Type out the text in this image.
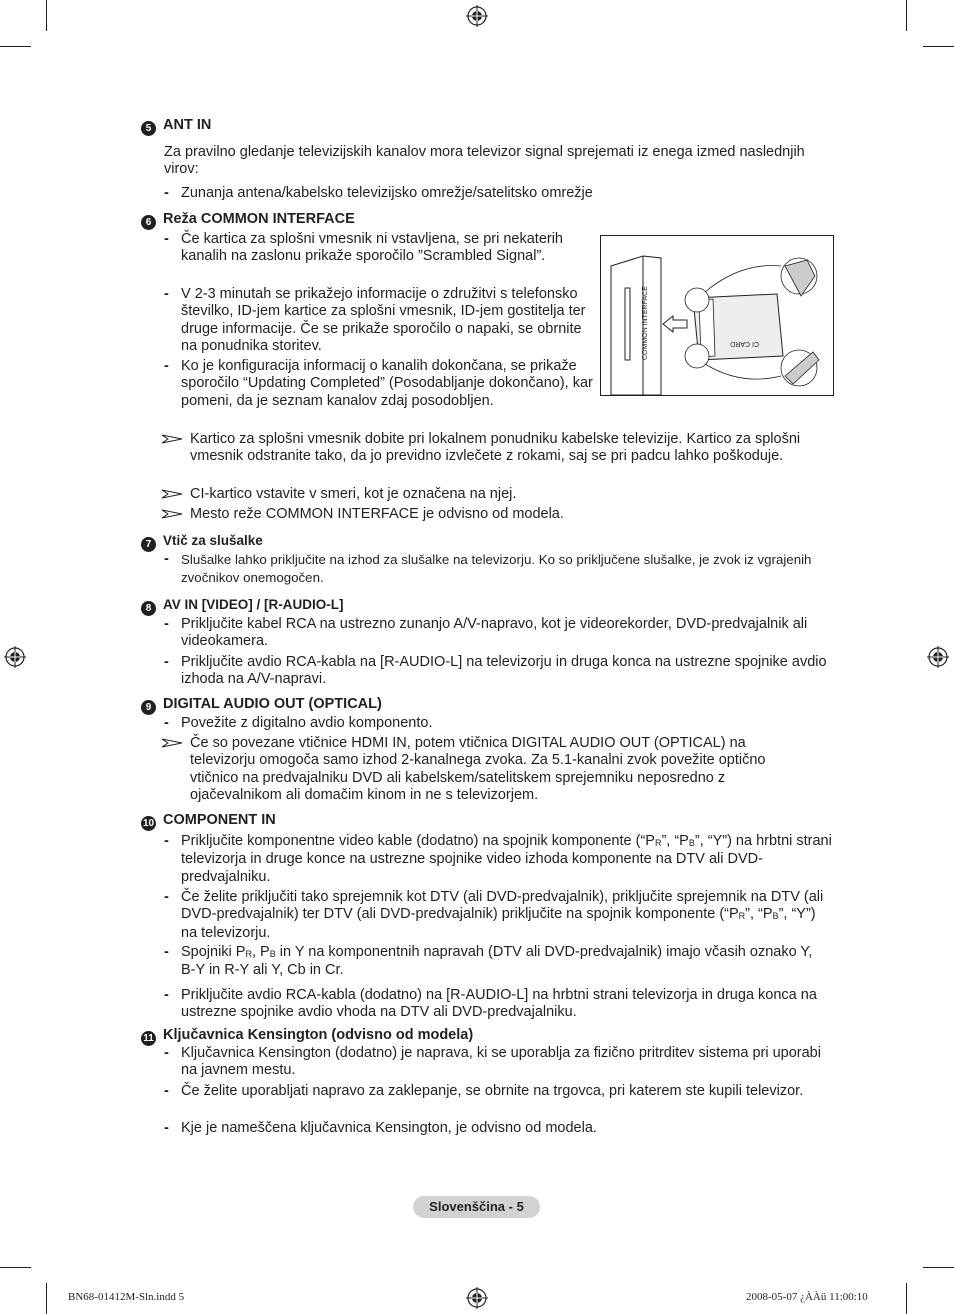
5 ANT IN
Za pravilno gledanje televizijskih kanalov mora televizor signal sprejemati iz enega izmed naslednjih virov:
- Zunanja antena/kabelsko televizijsko omrežje/satelitsko omrežje
6 Reža COMMON INTERFACE
- Če kartica za splošni vmesnik ni vstavljena, se pri nekaterih kanalih na zaslonu prikaže sporočilo ”Scrambled Signal”.
- V 2-3 minutah se prikažejo informacije o združitvi s telefonsko številko, ID-jem kartice za splošni vmesnik, ID-jem gostitelja ter druge informacije. Če se prikaže sporočilo o napaki, se obrnite na ponudnika storitev.
- Ko je konfiguracija informacij o kanalih dokončana, se prikaže sporočilo “Updating Completed” (Posodabljanje dokončano), kar pomeni, da je seznam kanalov zdaj posodobljen.
COMMON INTERFACE	CI CARD
Kartico za splošni vmesnik dobite pri lokalnem ponudniku kabelske televizije. Kartico za splošni vmesnik odstranite tako, da jo previdno izvlečete z rokami, saj se pri padcu lahko poškoduje.
CI-kartico vstavite v smeri, kot je označena na njej.
Mesto reže COMMON INTERFACE je odvisno od modela.
7 Vtič za slušalke
- Slušalke lahko priključite na izhod za slušalke na televizorju. Ko so priključene slušalke, je zvok iz vgrajenih zvočnikov onemogočen.
8 AV IN [VIDEO] / [R-AUDIO-L]
- Priključite kabel RCA na ustrezno zunanjo A/V-napravo, kot je videorekorder, DVD-predvajalnik ali videokamera.
- Priključite avdio RCA-kabla na [R-AUDIO-L] na televizorju in druga konca na ustrezne spojnike avdio izhoda na A/V-napravi.
9 DIGITAL AUDIO OUT (OPTICAL)
- Povežite z digitalno avdio komponento.
Če so povezane vtičnice HDMI IN, potem vtičnica DIGITAL AUDIO OUT (OPTICAL) na televizorju omogoča samo izhod 2-kanalnega zvoka. Za 5.1-kanalni zvok povežite optično vtičnico na predvajalniku DVD ali kabelskem/satelitskem sprejemniku neposredno z ojačevalnikom ali domačim kinom in ne s televizorjem.
10 COMPONENT IN
- Priključite komponentne video kable (dodatno) na spojnik komponente (“$P_R$”, “$P_B$”, “Y”) na hrbtni strani televizorja in druge konce na ustrezne spojnike video izhoda komponente na DTV ali DVD-predvajalniku.
- Če želite priključiti tako sprejemnik kot DTV (ali DVD-predvajalnik), priključite sprejemnik na DTV (ali DVD-predvajalnik) ter DTV (ali DVD-predvajalnik) priključite na spojnik komponente (“$P_R$”, “$P_B$”, “Y”) na televizorju.
- Spojniki $P_R$, $P_B$ in Y na komponentnih napravah (DTV ali DVD-predvajalnik) imajo včasih oznako Y, B-Y in R-Y ali Y, Cb in Cr.
- Priključite avdio RCA-kabla (dodatno) na [R-AUDIO-L] na hrbtni strani televizorja in druga konca na ustrezne spojnike avdio vhoda na DTV ali DVD-predvajalniku.
11 Ključavnica Kensington (odvisno od modela)
- Ključavnica Kensington (dodatno) je naprava, ki se uporablja za fizično pritrditev sistema pri uporabi na javnem mestu.
- Če želite uporabljati napravo za zaklepanje, se obrnite na trgovca, pri katerem ste kupili televizor.
- Kje je nameščena ključavnica Kensington, je odvisno od modela.
Slovenščina - 5
BN68-01412M-Sln.indd 5	2008-05-07 ¿ÀÀü 11:00:10
